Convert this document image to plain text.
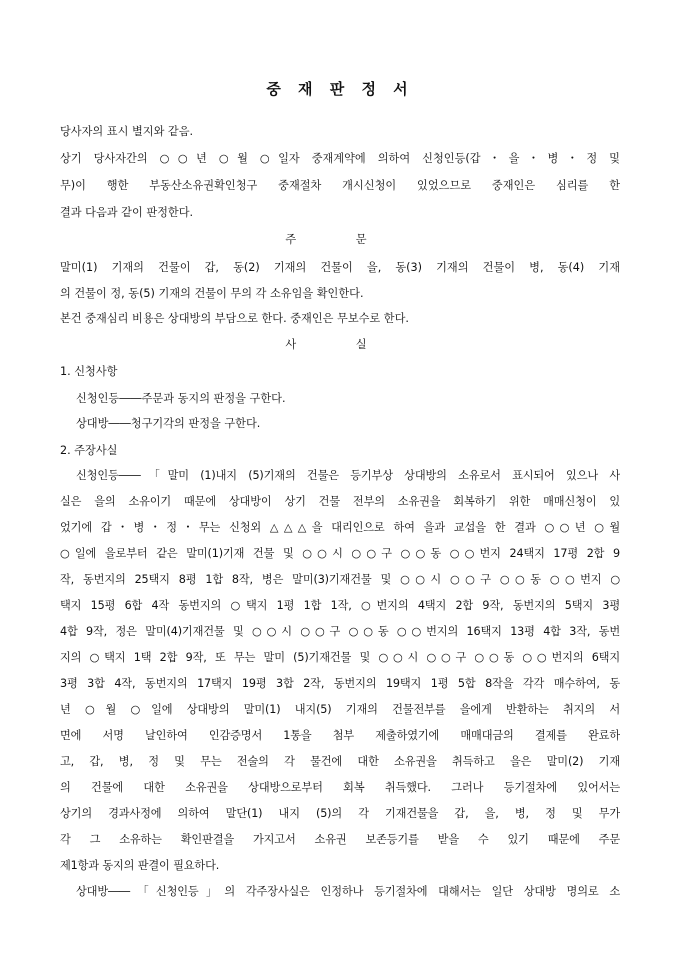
중 재 판 정 서
당사자의 표시 별지와 같음.
상기 당사자간의 ○○년 ○월 ○일자 중재계약에 의하여 신청인등(갑・을・병・정 및
무)이 행한 부동산소유권확인청구 중재절차 개시신청이 있었으므로 중재인은 심리를 한
결과 다음과 같이 판정한다.
주 문
말미(1) 기재의 건물이 갑, 동(2) 기재의 건물이 을, 동(3) 기재의 건물이 병, 동(4) 기재
의 건물이 정, 동(5) 기재의 건물이 무의 각 소유임을 확인한다.
본건 중재심리 비용은 상대방의 부담으로 한다. 중재인은 무보수로 한다.
사 실
1. 신청사항
신청인등――주문과 동지의 판정을 구한다.
상대방――청구기각의 판정을 구한다.
2. 주장사실
신청인등――「말미 (1)내지 (5)기재의 건물은 등기부상 상대방의 소유로서 표시되어 있으나 사
실은 을의 소유이기 때문에 상대방이 상기 건물 전부의 소유권을 회복하기 위한 매매신청이 있
었기에 갑・병・정・무는 신청외 △△△을 대리인으로 하여 을과 교섭을 한 결과 ○○년 ○월
○일에 을로부터 같은 말미(1)기재 건물 및 ○○시 ○○구 ○○동 ○○번지 24택지 17평 2합 9
작, 동번지의 25택지 8평 1합 8작, 병은 말미(3)기재건물 및 ○○시 ○○구 ○○동 ○○번지 ○
택지 15평 6합 4작 동번지의 ○택지 1평 1합 1작, ○번지의 4택지 2합 9작, 동번지의 5택지 3평
4합 9작, 정은 말미(4)기재건물 및 ○○시 ○○구 ○○동 ○○번지의 16택지 13평 4합 3작, 동번
지의 ○택지 1택 2합 9작, 또 무는 말미 (5)기재건물 및 ○○시 ○○구 ○○동 ○○번지의 6택지
3평 3합 4작, 동번지의 17택지 19평 3합 2작, 동번지의 19택지 1평 5합 8작을 각각 매수하여, 동
년 ○월 ○일에 상대방의 말미(1) 내지(5) 기재의 건물전부를 을에게 반환하는 취지의 서
면에 서명 날인하여 인감증명서 1통을 첨부 제출하였기에 매매대금의 결제를 완료하
고, 갑, 병, 정 및 무는 전술의 각 물건에 대한 소유권을 취득하고 을은 말미(2) 기재
의 건물에 대한 소유권을 상대방으로부터 회복 취득했다. 그러나 등기절차에 있어서는
상기의 경과사정에 의하여 말단(1) 내지 (5)의 각 기재건물을 갑, 을, 병, 정 및 무가
각 그 소유하는 확인판결을 가지고서 소유권 보존등기를 받을 수 있기 때문에 주문
제1항과 동지의 판결이 필요하다.
상대방――「신청인등」의 각주장사실은 인정하나 등기절차에 대해서는 일단 상대방 명의로 소
